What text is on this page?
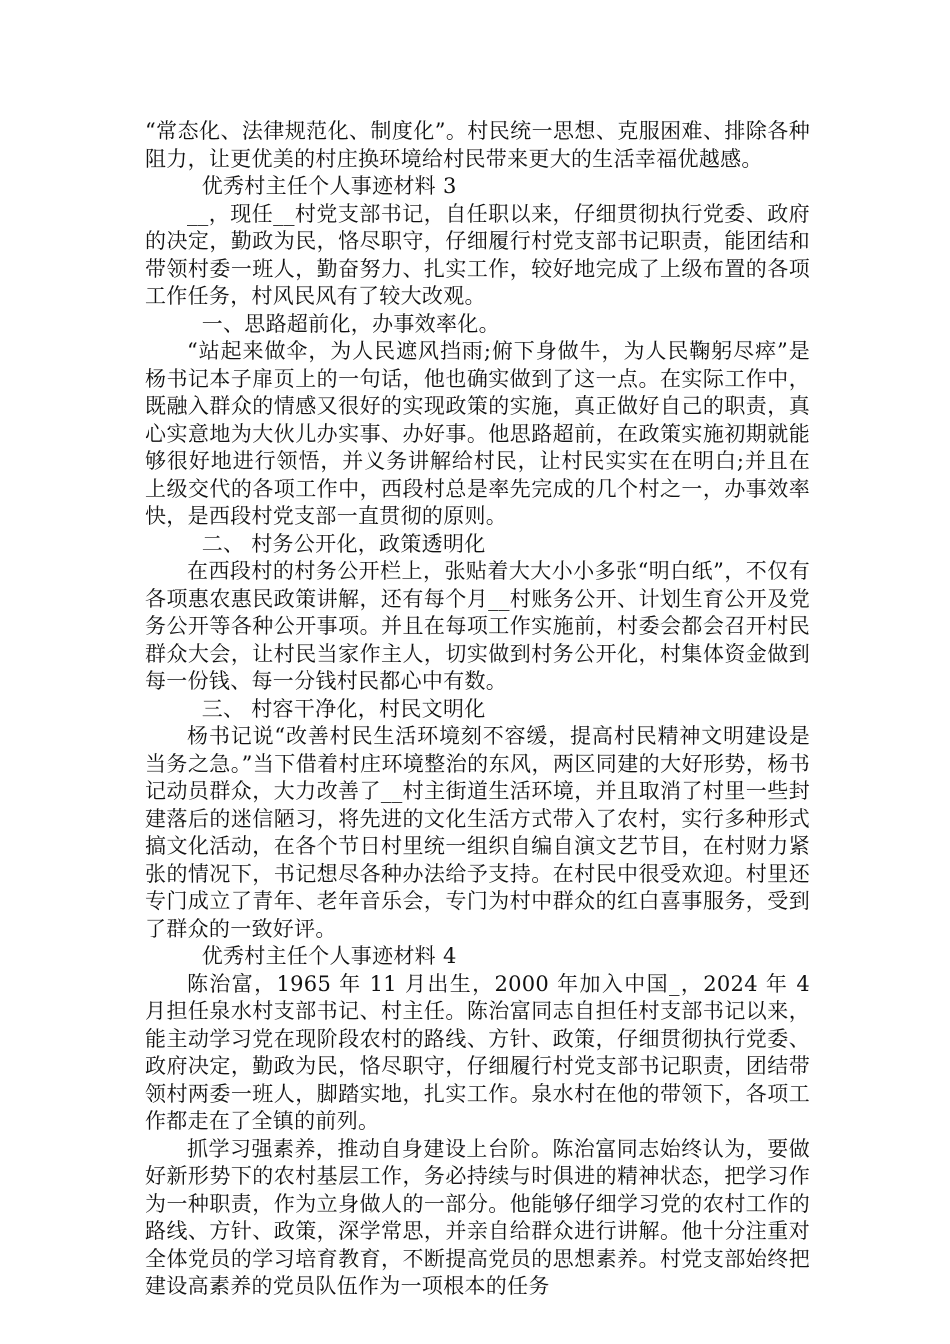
“常态化、法律规范化、制度化”。村民统一思想、克服困难、排除各种阻力，让更优美的村庄换环境给村民带来更大的生活幸福优越感。

优秀村主任个人事迹材料 3

__，现任__村党支部书记，自任职以来，仔细贯彻执行党委、政府的决定，勤政为民，恪尽职守，仔细履行村党支部书记职责，能团结和带领村委一班人，勤奋努力、扎实工作，较好地完成了上级布置的各项工作任务，村风民风有了较大改观。

一、思路超前化，办事效率化。

“站起来做伞，为人民遮风挡雨;俯下身做牛，为人民鞠躬尽瘁”是杨书记本子扉页上的一句话，他也确实做到了这一点。在实际工作中，既融入群众的情感又很好的实现政策的实施，真正做好自己的职责，真心实意地为大伙儿办实事、办好事。他思路超前，在政策实施初期就能够很好地进行领悟，并义务讲解给村民，让村民实实在在明白;并且在上级交代的各项工作中，西段村总是率先完成的几个村之一，办事效率快，是西段村党支部一直贯彻的原则。

二、 村务公开化，政策透明化

在西段村的村务公开栏上，张贴着大大小小多张“明白纸”，不仅有各项惠农惠民政策讲解，还有每个月__村账务公开、计划生育公开及党务公开等各种公开事项。并且在每项工作实施前，村委会都会召开村民群众大会，让村民当家作主人，切实做到村务公开化，村集体资金做到每一份钱、每一分钱村民都心中有数。

三、 村容干净化，村民文明化

杨书记说“改善村民生活环境刻不容缓，提高村民精神文明建设是当务之急。”当下借着村庄环境整治的东风，两区同建的大好形势，杨书记动员群众，大力改善了__村主街道生活环境，并且取消了村里一些封建落后的迷信陋习，将先进的文化生活方式带入了农村，实行多种形式搞文化活动，在各个节日村里统一组织自编自演文艺节目，在村财力紧张的情况下，书记想尽各种办法给予支持。在村民中很受欢迎。村里还专门成立了青年、老年音乐会，专门为村中群众的红白喜事服务，受到了群众的一致好评。

优秀村主任个人事迹材料 4

陈治富，1965 年 11 月出生，2000 年加入中国_，2024 年 4 月担任泉水村支部书记、村主任。陈治富同志自担任村支部书记以来，能主动学习党在现阶段农村的路线、方针、政策，仔细贯彻执行党委、政府决定，勤政为民，恪尽职守，仔细履行村党支部书记职责，团结带领村两委一班人，脚踏实地，扎实工作。泉水村在他的带领下，各项工作都走在了全镇的前列。

抓学习强素养，推动自身建设上台阶。陈治富同志始终认为，要做好新形势下的农村基层工作，务必持续与时俱进的精神状态，把学习作为一种职责，作为立身做人的一部分。他能够仔细学习党的农村工作的路线、方针、政策，深学常思，并亲自给群众进行讲解。他十分注重对全体党员的学习培育教育，不断提高党员的思想素养。村党支部始终把建设高素养的党员队伍作为一项根本的任务
